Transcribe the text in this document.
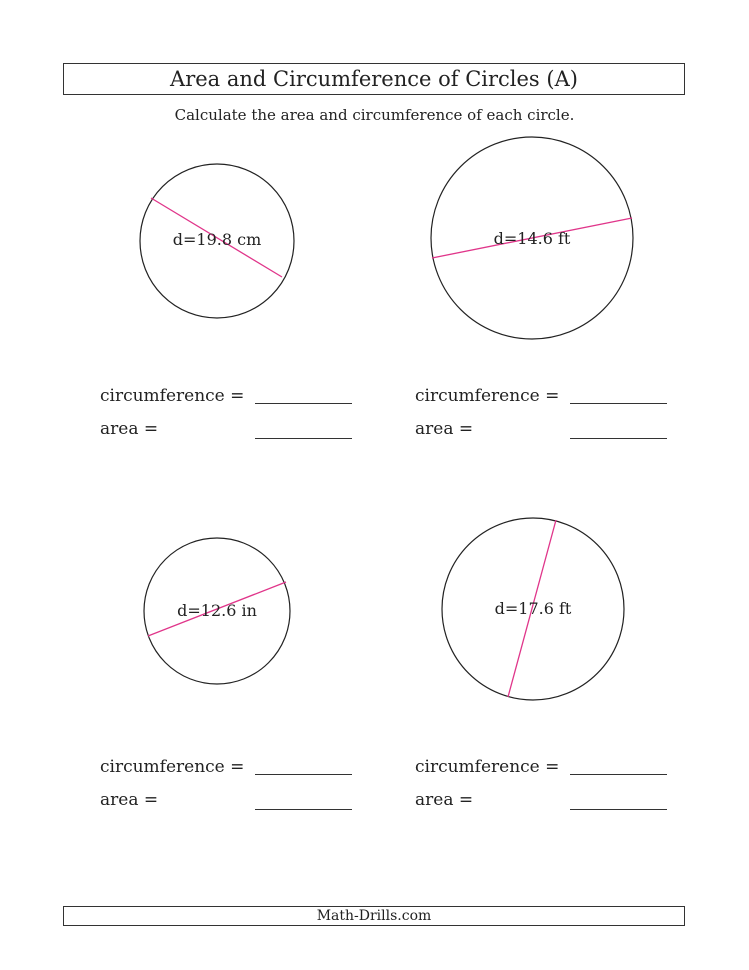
Area and Circumference of Circles (A)
Calculate the area and circumference of each circle.
d=19.8 cm	d=14.6 ft
d=12.6 in	d=17.6 ft
circumference =
area =
circumference =
area =
circumference =
area =
circumference =
area =
Math-Drills.com
